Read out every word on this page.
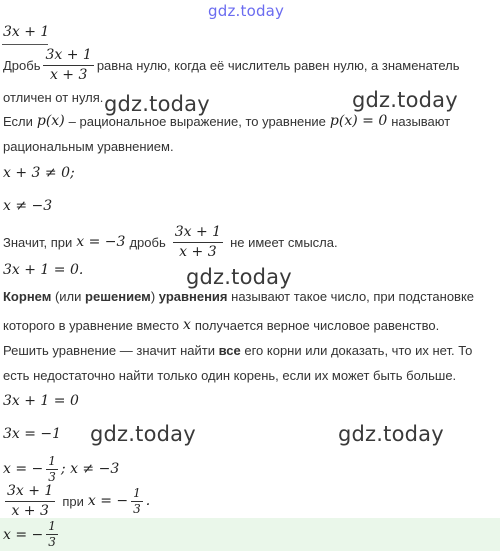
gdz.today
3x + 1
Дробь $\frac{3x + 1}{x + 3}$ равна нулю, когда её числитель равен нулю, а знаменатель
отличен от нуля. gdz.today	gdz.today
Если p(x) – рациональное выражение, то уравнение p(x) = 0 называют
рациональным уравнением.
x + 3 ≠ 0;
x ≠ −3
Значит, при x = −3 дробь $\frac{3x + 1}{x + 3}$ не имеет смысла.
3x + 1 = 0.	gdz.today
Корнем (или решением) уравнения называют такое число, при подстановке
которого в уравнение вместо x получается верное числовое равенство.
Решить уравнение — значит найти все его корни или доказать, что их нет. То
есть недостаточно найти только один корень, если их может быть больше.
3x + 1 = 0
3x = −1 gdz.today	gdz.today
x = − $\frac{1}{3}$ ; x ≠ −3
$\frac{3x + 1}{x + 3}$ при x = − $\frac{1}{3}$ .
x = − $\frac{1}{3}$
